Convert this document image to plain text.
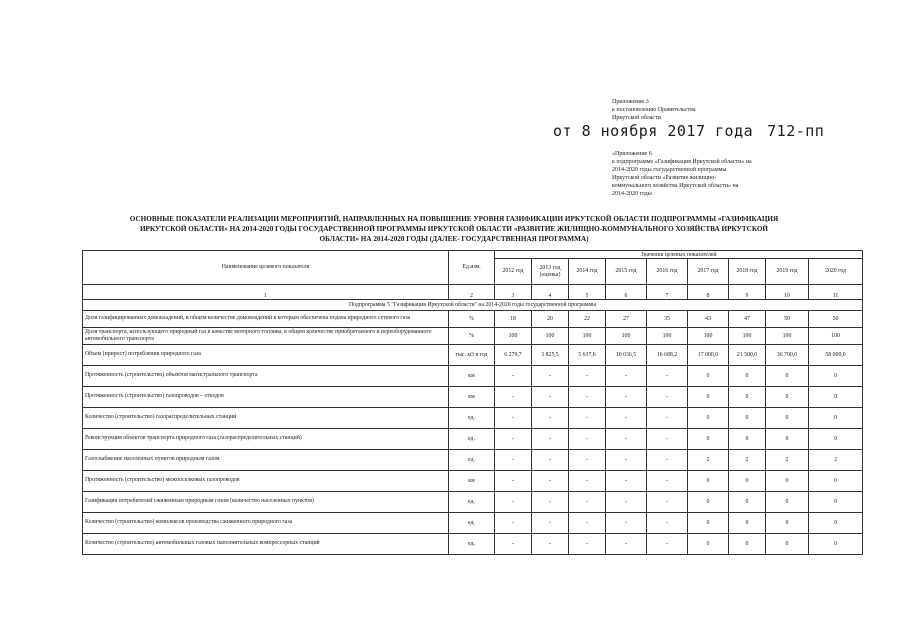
Приложение 3
к постановлению Правительства
Иркутской области
от 8 ноября 2017 года 712-пп
«Приложение 6
к подпрограмме «Газификация Иркутской области» на
2014-2020 годы государственной программы
Иркутской области «Развитие жилищно-
коммунального хозяйства Иркутской области» на
2014-2020 годы
ОСНОВНЫЕ ПОКАЗАТЕЛИ РЕАЛИЗАЦИИ МЕРОПРИЯТИЙ, НАПРАВЛЕННЫХ НА ПОВЫШЕНИЕ УРОВНЯ ГАЗИФИКАЦИИ ИРКУТСКОЙ ОБЛАСТИ ПОДПРОГРАММЫ «ГАЗИФИКАЦИЯ
ИРКУТСКОЙ ОБЛАСТИ» НА 2014-2020 ГОДЫ ГОСУДАРСТВЕННОЙ ПРОГРАММЫ ИРКУТСКОЙ ОБЛАСТИ «РАЗВИТИЕ ЖИЛИЩНО-КОММУНАЛЬНОГО ХОЗЯЙСТВА ИРКУТСКОЙ
ОБЛАСТИ» НА 2014-2020 ГОДЫ (ДАЛЕЕ- ГОСУДАРСТВЕННАЯ ПРОГРАММА)
Наименование целевого показателя	Ед.изм.	Значения целевых показателей								
		2012 год	2013 год (оценка)	2014 год	2015 год	2016 год	2017 год	2018 год	2019 год	2020 год
1	2	3	4	5	6	7	8	9	10	11
Подпрограмма 5 "Газификация Иркутской области" на 2014-2020 годы государственной программы										
Доля газифицированных домовладений, в общем количестве домовладений к которым обеспечена подача природного сетевого газа	%	18	20	22	27	35	43	47	50	50
Доля транспорта, использующего природный газ в качестве моторного топлива, в общем количестве приобретаемого и переоборудованного автомобильного транспорта	%	100	100	100	100	100	100	100	100	100
Объем (прирост) потребления природного газа	тыс. м3 в год	6 279,7	3 825,5	5 637,6	10 036,5	16 688,2	17 000,0	21 500,0	36 700,0	58 000,0
Протяженность (строительство) объектов магистрального транспорта	км	-	-	-	-	-	0	0	0	0
Протяженность (строительство) газопроводов – отводов	км	-	-	-	-	-	0	0	0	0
Количество (строительство) газораспределительных станций	ед.	-	-	-	-	-	0	0	0	0
Реконструкция объектов транспорта природного газа (газораспределительных станций)	ед.	-	-	-	-	-	0	0	0	0
Газоснабжение населенных пунктов природным газом	ед.	-	-	-	-	-	2	2	2	2
Протяженность (строительство) межпоселковых газопроводов	км	-	-	-	-	-	0	0	0	0
Газификация потребителей сжиженным природным газом (количество населенных пунктов)	ед.	-	-	-	-	-	0	0	0	0
Количество (строительство) комплексов производства сжиженного природного газа	ед.	-	-	-	-	-	0	0	0	0
Количество (строительство) автомобильных газовых наполнительных компрессорных станций	ед.	-	-	-	-	-	0	0	0	0
